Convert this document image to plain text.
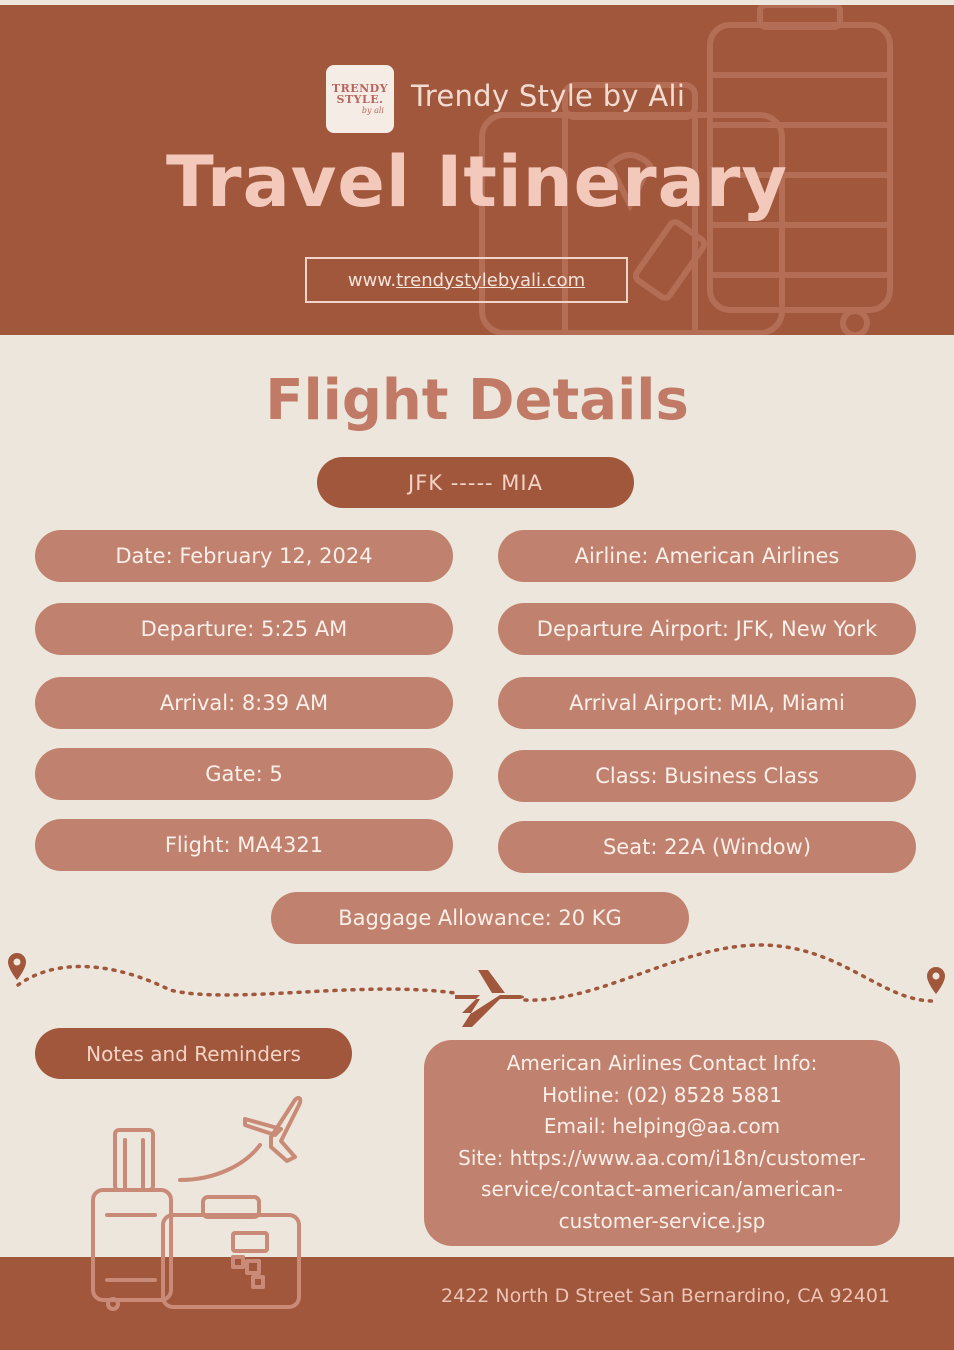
TRENDY
STYLE.
by ali Trendy Style by Ali
Travel Itinerary
www. trendystylebyali.com
Flight Details
JFK ----- MIA
Date: February 12, 2024
Departure: 5:25 AM
Arrival: 8:39 AM
Gate: 5
Flight: MA4321
Airline: American Airlines
Departure Airport: JFK, New York
Arrival Airport: MIA, Miami
Class: Business Class
Seat: 22A (Window)
Baggage Allowance: 20 KG
Notes and Reminders	American Airlines Contact Info:
Hotline: (02) 8528 5881
Email: helping@aa.com
Site: https://www.aa.com/i18n/customer-
service/contact-american/american-
customer-service.jsp
2422 North D Street San Bernardino, CA 92401
